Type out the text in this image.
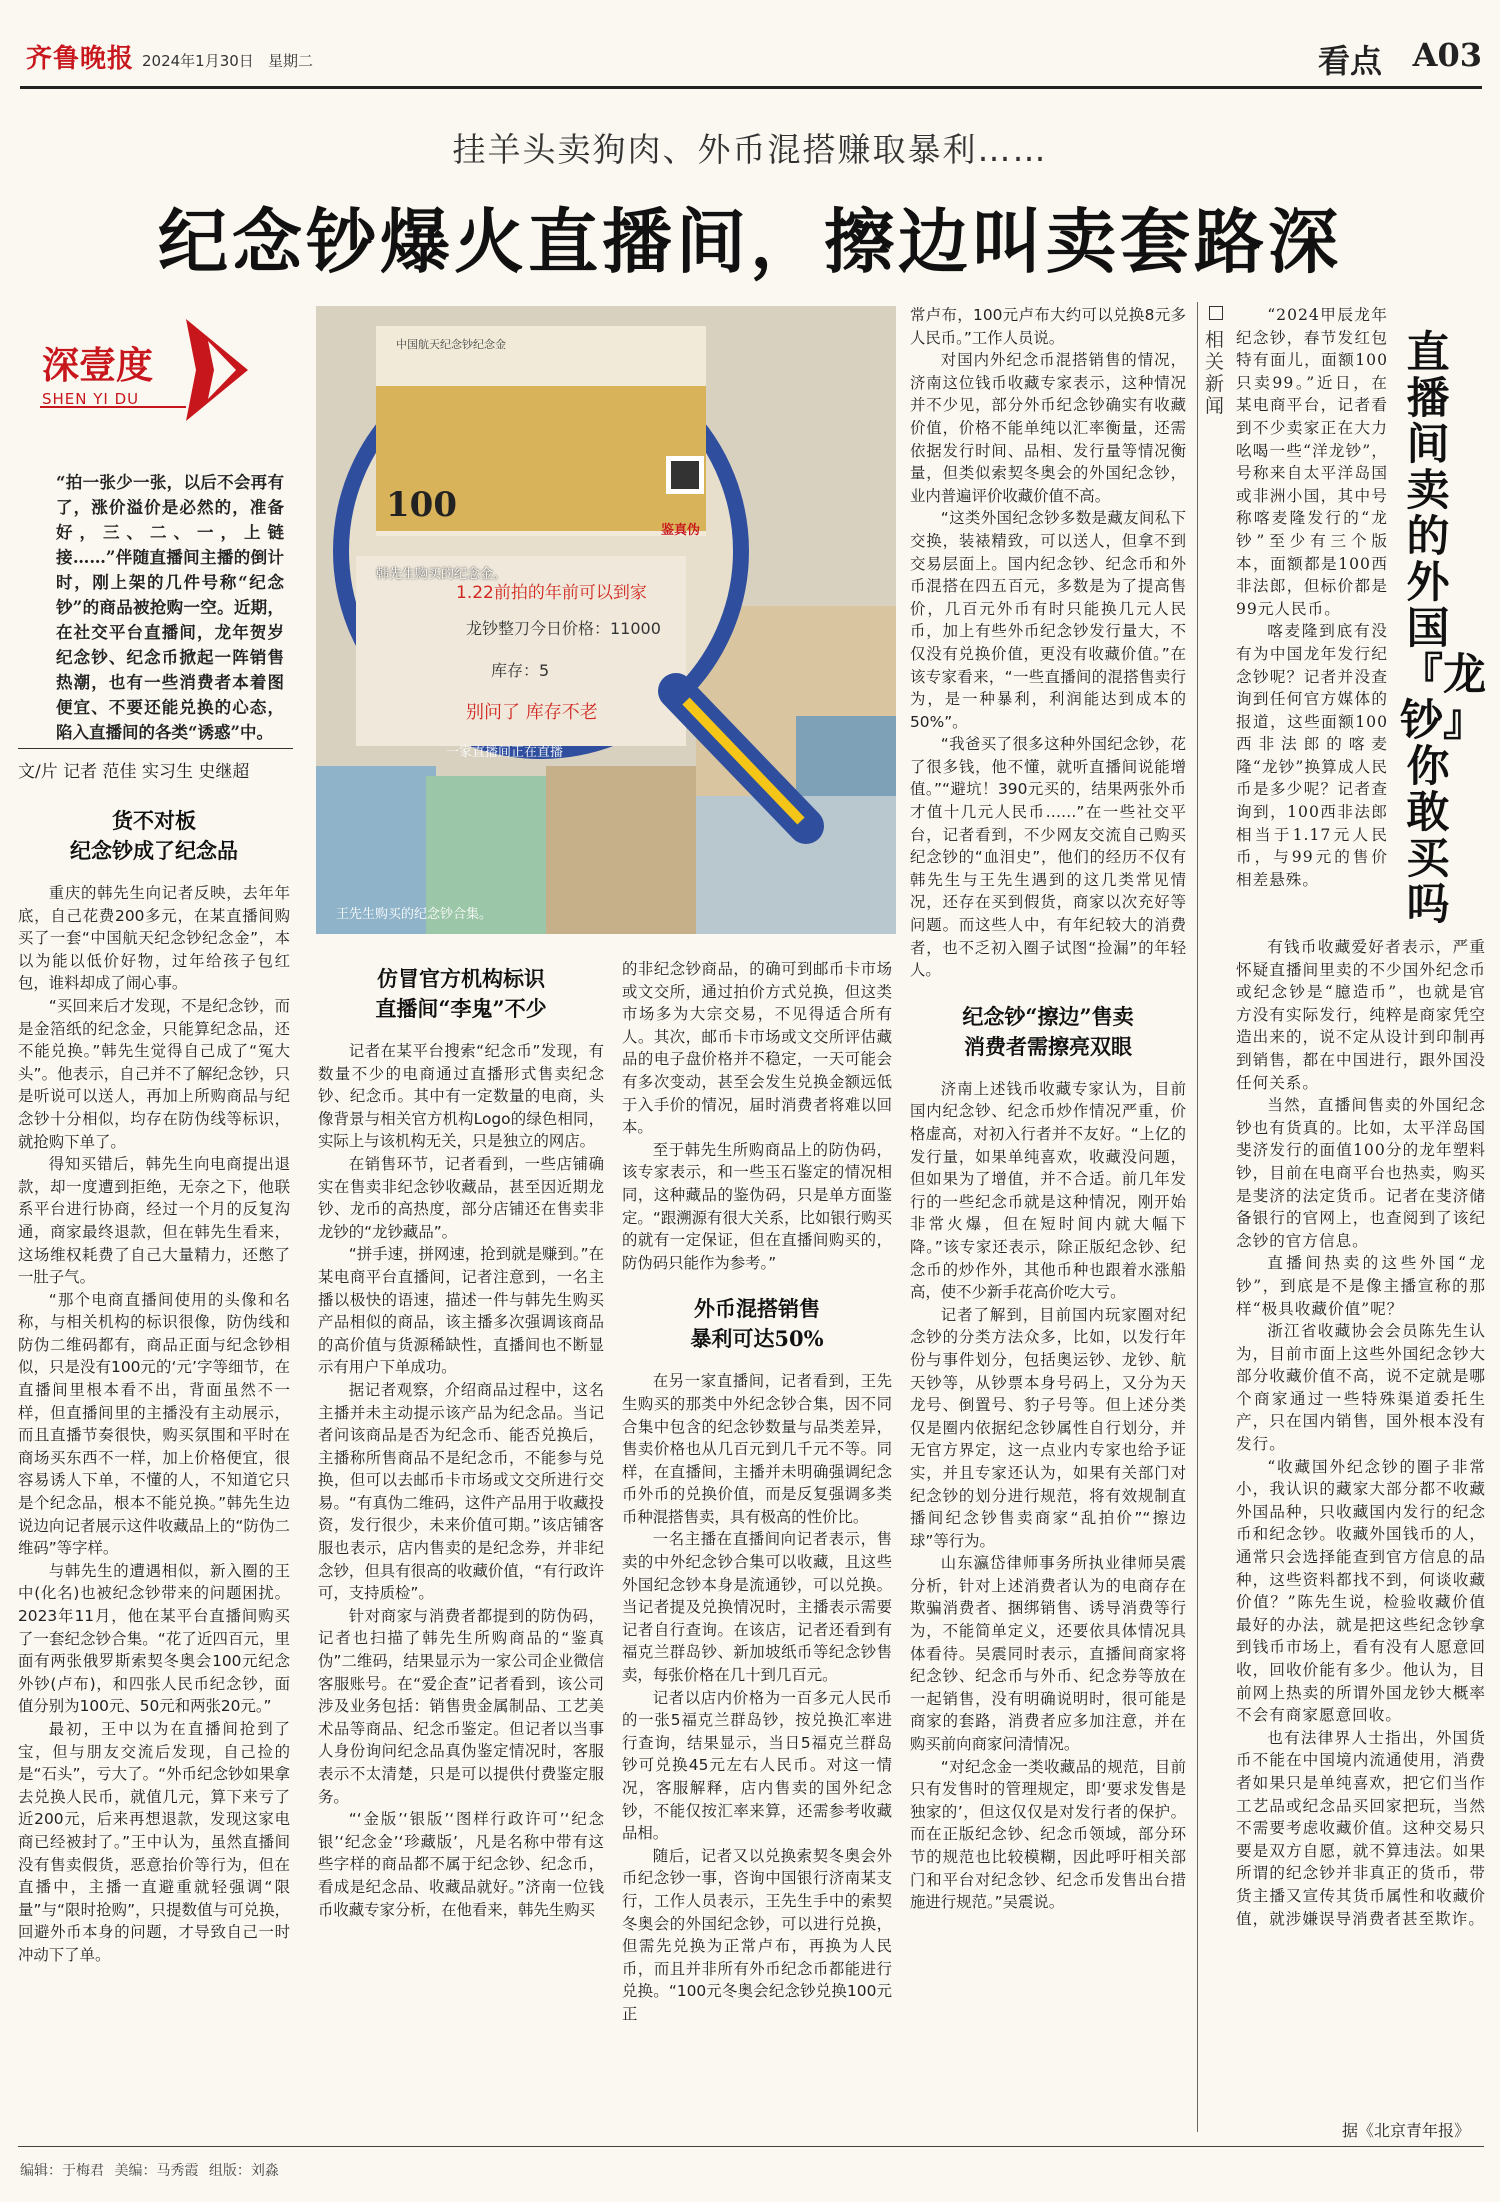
齐鲁晚报 2024年1月30日 星期二	看点 A03
挂羊头卖狗肉、外币混搭赚取暴利……
纪念钞爆火直播间，擦边叫卖套路深
深壹度
SHEN YI DU
“拍一张少一张，以后不会再有了，涨价溢价是必然的，准备好，三、二、一，上链接……”伴随直播间主播的倒计时，刚上架的几件号称“纪念钞”的商品被抢购一空。近期，在社交平台直播间，龙年贺岁纪念钞、纪念币掀起一阵销售热潮，也有一些消费者本着图便宜、不要还能兑换的心态，陷入直播间的各类“诱惑”中。
文/片 记者 范佳 实习生 史继超
货不对板
纪念钞成了纪念品

重庆的韩先生向记者反映，去年年底，自己花费200多元，在某直播间购买了一套“中国航天纪念钞纪念金”，本以为能以低价好物，过年给孩子包红包，谁料却成了闹心事。

“买回来后才发现，不是纪念钞，而是金箔纸的纪念金，只能算纪念品，还不能兑换。”韩先生觉得自己成了“冤大头”。他表示，自己并不了解纪念钞，只是听说可以送人，再加上所购商品与纪念钞十分相似，均存在防伪线等标识，就抢购下单了。

得知买错后，韩先生向电商提出退款，却一度遭到拒绝，无奈之下，他联系平台进行协商，经过一个月的反复沟通，商家最终退款，但在韩先生看来，这场维权耗费了自己大量精力，还憋了一肚子气。

“那个电商直播间使用的头像和名称，与相关机构的标识很像，防伪线和防伪二维码都有，商品正面与纪念钞相似，只是没有100元的‘元’字等细节，在直播间里根本看不出，背面虽然不一样，但直播间里的主播没有主动展示，而且直播节奏很快，购买氛围和平时在商场买东西不一样，加上价格便宜，很容易诱人下单，不懂的人，不知道它只是个纪念品，根本不能兑换。”韩先生边说边向记者展示这件收藏品上的“防伪二维码”等字样。

与韩先生的遭遇相似，新入圈的王中(化名)也被纪念钞带来的问题困扰。2023年11月，他在某平台直播间购买了一套纪念钞合集。“花了近四百元，里面有两张俄罗斯索契冬奥会100元纪念外钞(卢布)，和四张人民币纪念钞，面值分别为100元、50元和两张20元。”

最初，王中以为在直播间抢到了宝，但与朋友交流后发现，自己捡的是“石头”，亏大了。“外币纪念钞如果拿去兑换人民币，就值几元，算下来亏了近200元，后来再想退款，发现这家电商已经被封了。”王中认为，虽然直播间没有售卖假货，恶意抬价等行为，但在直播中，主播一直避重就轻强调“限量”与“限时抢购”，只提数值与可兑换，回避外币本身的问题，才导致自己一时冲动下了单。

中国航天纪念钞纪念金
100
鉴真伪
1.22前拍的年前可以到家
龙钞整刀今日价格：11000
库存：5
别问了 库存不老
韩先生购买的纪念金。
一家直播间正在直播
王先生购买的纪念钞合集。
仿冒官方机构标识
直播间“李鬼”不少

记者在某平台搜索“纪念币”发现，有数量不少的电商通过直播形式售卖纪念钞、纪念币。其中有一定数量的电商，头像背景与相关官方机构Logo的绿色相同，实际上与该机构无关，只是独立的网店。

在销售环节，记者看到，一些店铺确实在售卖非纪念钞收藏品，甚至因近期龙钞、龙币的高热度，部分店铺还在售卖非龙钞的“龙钞藏品”。

“拼手速，拼网速，抢到就是赚到。”在某电商平台直播间，记者注意到，一名主播以极快的语速，描述一件与韩先生购买产品相似的商品，该主播多次强调该商品的高价值与货源稀缺性，直播间也不断显示有用户下单成功。

据记者观察，介绍商品过程中，这名主播并未主动提示该产品为纪念品。当记者问该商品是否为纪念币、能否兑换后，主播称所售商品不是纪念币，不能参与兑换，但可以去邮币卡市场或文交所进行交易。“有真伪二维码，这件产品用于收藏投资，发行很少，未来价值可期。”该店铺客服也表示，店内售卖的是纪念券，并非纪念钞，但具有很高的收藏价值，“有行政许可，支持质检”。

针对商家与消费者都提到的防伪码，记者也扫描了韩先生所购商品的“鉴真伪”二维码，结果显示为一家公司企业微信客服账号。在“爱企查”记者看到，该公司涉及业务包括：销售贵金属制品、工艺美术品等商品、纪念币鉴定。但记者以当事人身份询问纪念品真伪鉴定情况时，客服表示不太清楚，只是可以提供付费鉴定服务。

“‘金版’‘银版’‘图样行政许可’‘纪念银’‘纪念金’‘珍藏版’，凡是名称中带有这些字样的商品都不属于纪念钞、纪念币，看成是纪念品、收藏品就好。”济南一位钱币收藏专家分析，在他看来，韩先生购买

的非纪念钞商品，的确可到邮币卡市场或文交所，通过拍价方式兑换，但这类市场多为大宗交易，不见得适合所有人。其次，邮币卡市场或文交所评估藏品的电子盘价格并不稳定，一天可能会有多次变动，甚至会发生兑换金额远低于入手价的情况，届时消费者将难以回本。

至于韩先生所购商品上的防伪码，该专家表示，和一些玉石鉴定的情况相同，这种藏品的鉴伪码，只是单方面鉴定。“跟溯源有很大关系，比如银行购买的就有一定保证，但在直播间购买的，防伪码只能作为参考。”

外币混搭销售
暴利可达50%

在另一家直播间，记者看到，王先生购买的那类中外纪念钞合集，因不同合集中包含的纪念钞数量与品类差异，售卖价格也从几百元到几千元不等。同样，在直播间，主播并未明确强调纪念币外币的兑换价值，而是反复强调多类币种混搭售卖，具有极高的性价比。

一名主播在直播间向记者表示，售卖的中外纪念钞合集可以收藏，且这些外国纪念钞本身是流通钞，可以兑换。当记者提及兑换情况时，主播表示需要记者自行查询。在该店，记者还看到有福克兰群岛钞、新加坡纸币等纪念钞售卖，每张价格在几十到几百元。

记者以店内价格为一百多元人民币的一张5福克兰群岛钞，按兑换汇率进行查询，结果显示，当日5福克兰群岛钞可兑换45元左右人民币。对这一情况，客服解释，店内售卖的国外纪念钞，不能仅按汇率来算，还需参考收藏品相。

随后，记者又以兑换索契冬奥会外币纪念钞一事，咨询中国银行济南某支行，工作人员表示，王先生手中的索契冬奥会的外国纪念钞，可以进行兑换，但需先兑换为正常卢布，再换为人民币，而且并非所有外币纪念币都能进行兑换。“100元冬奥会纪念钞兑换100元正

常卢布，100元卢布大约可以兑换8元多人民币。”工作人员说。

对国内外纪念币混搭销售的情况，济南这位钱币收藏专家表示，这种情况并不少见，部分外币纪念钞确实有收藏价值，价格不能单纯以汇率衡量，还需依据发行时间、品相、发行量等情况衡量，但类似索契冬奥会的外国纪念钞，业内普遍评价收藏价值不高。

“这类外国纪念钞多数是藏友间私下交换，装裱精致，可以送人，但拿不到交易层面上。国内纪念钞、纪念币和外币混搭在四五百元，多数是为了提高售价，几百元外币有时只能换几元人民币，加上有些外币纪念钞发行量大，不仅没有兑换价值，更没有收藏价值。”在该专家看来，“一些直播间的混搭售卖行为，是一种暴利，利润能达到成本的50%”。

“我爸买了很多这种外国纪念钞，花了很多钱，他不懂，就听直播间说能增值。”“避坑！390元买的，结果两张外币才值十几元人民币……”在一些社交平台，记者看到，不少网友交流自己购买纪念钞的“血泪史”，他们的经历不仅有韩先生与王先生遇到的这几类常见情况，还存在买到假货，商家以次充好等问题。而这些人中，有年纪较大的消费者，也不乏初入圈子试图“捡漏”的年轻人。

纪念钞“擦边”售卖
消费者需擦亮双眼

济南上述钱币收藏专家认为，目前国内纪念钞、纪念币炒作情况严重，价格虚高，对初入行者并不友好。“上亿的发行量，如果单纯喜欢，收藏没问题，但如果为了增值，并不合适。前几年发行的一些纪念币就是这种情况，刚开始非常火爆，但在短时间内就大幅下降。”该专家还表示，除正版纪念钞、纪念币的炒作外，其他币种也跟着水涨船高，使不少新手花高价吃大亏。

记者了解到，目前国内玩家圈对纪念钞的分类方法众多，比如，以发行年份与事件划分，包括奥运钞、龙钞、航天钞等，从钞票本身号码上，又分为天龙号、倒置号、豹子号等。但上述分类仅是圈内依据纪念钞属性自行划分，并无官方界定，这一点业内专家也给予证实，并且专家还认为，如果有关部门对纪念钞的划分进行规范，将有效规制直播间纪念钞售卖商家“乱拍价”“擦边球”等行为。

山东瀛岱律师事务所执业律师吴震分析，针对上述消费者认为的电商存在欺骗消费者、捆绑销售、诱导消费等行为，不能简单定义，还要依具体情况具体看待。吴震同时表示，直播间商家将纪念钞、纪念币与外币、纪念券等放在一起销售，没有明确说明时，很可能是商家的套路，消费者应多加注意，并在购买前向商家问清情况。

“对纪念金一类收藏品的规范，目前只有发售时的管理规定，即‘要求发售是独家的’，但这仅仅是对发行者的保护。而在正版纪念钞、纪念币领域，部分环节的规范也比较模糊，因此呼吁相关部门和平台对纪念钞、纪念币发售出台措施进行规范。”吴震说。

相关新闻
直播间卖的外国『龙钞』你敢买吗

“2024甲辰龙年纪念钞，春节发红包特有面儿，面额100只卖99。”近日，在某电商平台，记者看到不少卖家正在大力吆喝一些“洋龙钞”，号称来自太平洋岛国或非洲小国，其中号称喀麦隆发行的“龙钞”至少有三个版本，面额都是100西非法郎，但标价都是99元人民币。

喀麦隆到底有没有为中国龙年发行纪念钞呢？记者并没查询到任何官方媒体的报道，这些面额100西非法郎的喀麦隆“龙钞”换算成人民币是多少呢？记者查询到，100西非法郎相当于1.17元人民币，与99元的售价相差悬殊。

有钱币收藏爱好者表示，严重怀疑直播间里卖的不少国外纪念币或纪念钞是“臆造币”，也就是官方没有实际发行，纯粹是商家凭空造出来的，说不定从设计到印制再到销售，都在中国进行，跟外国没任何关系。

当然，直播间售卖的外国纪念钞也有货真的。比如，太平洋岛国斐济发行的面值100分的龙年塑料钞，目前在电商平台也热卖，购买是斐济的法定货币。记者在斐济储备银行的官网上，也查阅到了该纪念钞的官方信息。

直播间热卖的这些外国“龙钞”，到底是不是像主播宣称的那样“极具收藏价值”呢？

浙江省收藏协会会员陈先生认为，目前市面上这些外国纪念钞大部分收藏价值不高，说不定就是哪个商家通过一些特殊渠道委托生产，只在国内销售，国外根本没有发行。

“收藏国外纪念钞的圈子非常小，我认识的藏家大部分都不收藏外国品种，只收藏国内发行的纪念币和纪念钞。收藏外国钱币的人，通常只会选择能查到官方信息的品种，这些资料都找不到，何谈收藏价值？”陈先生说，检验收藏价值最好的办法，就是把这些纪念钞拿到钱币市场上，看有没有人愿意回收，回收价能有多少。他认为，目前网上热卖的所谓外国龙钞大概率不会有商家愿意回收。

也有法律界人士指出，外国货币不能在中国境内流通使用，消费者如果只是单纯喜欢，把它们当作工艺品或纪念品买回家把玩，当然不需要考虑收藏价值。这种交易只要是双方自愿，就不算违法。如果所谓的纪念钞并非真正的货币，带货主播又宣传其货币属性和收藏价值，就涉嫌误导消费者甚至欺诈。

据《北京青年报》
编辑：于梅君 美编：马秀霞 组版：刘淼
